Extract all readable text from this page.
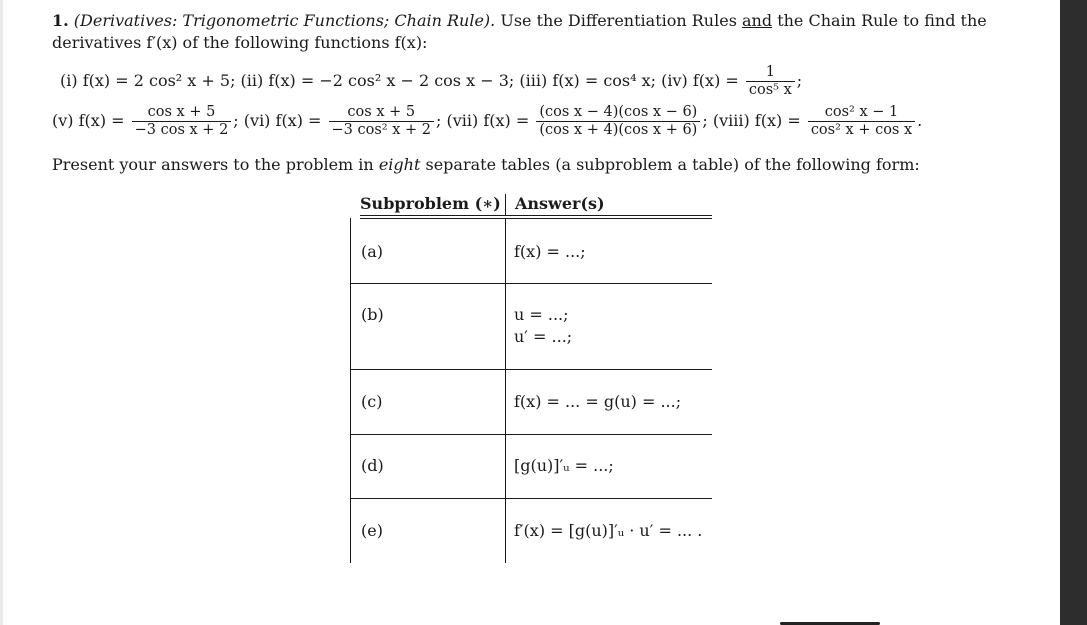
1. (Derivatives: Trigonometric Functions; Chain Rule). Use the Differentiation Rules and the Chain Rule to find the
derivatives f′(x) of the following functions f(x):
(i) f(x) = 2 cos² x + 5; (ii) f(x) = −2 cos² x − 2 cos x − 3; (iii) f(x) = cos⁴ x; (iv) $f(x) = \frac{1}{\text{cos⁵ x}}$ ;
(v) $f(x) = \frac{\text{cos x + 5}}{\text{−3 cos x + 2}}$ ; (vi) $f(x) = \frac{\text{cos x + 5}}{\text{−3 cos² x + 2}}$ ; (vii) $f(x) = \frac{\text{(cos x − 4)(cos x − 6)}}{\text{(cos x + 4)(cos x + 6)}}$ ; (viii) $f(x) = \frac{\text{cos² x − 1}}{\text{cos² x + cos x}}$ .
Present your answers to the problem in eight separate tables (a subproblem a table) of the following form:
Subproblem (∗) Answer(s)
(a)	f(x) = ...;
(b)	u = ...;
u′ = ...;
(c)	f(x) = ... = g(u) = ...;
(d)	[g(u)]′ᵤ = ...;
(e)	f′(x) = [g(u)]′ᵤ · u′ = ... .
